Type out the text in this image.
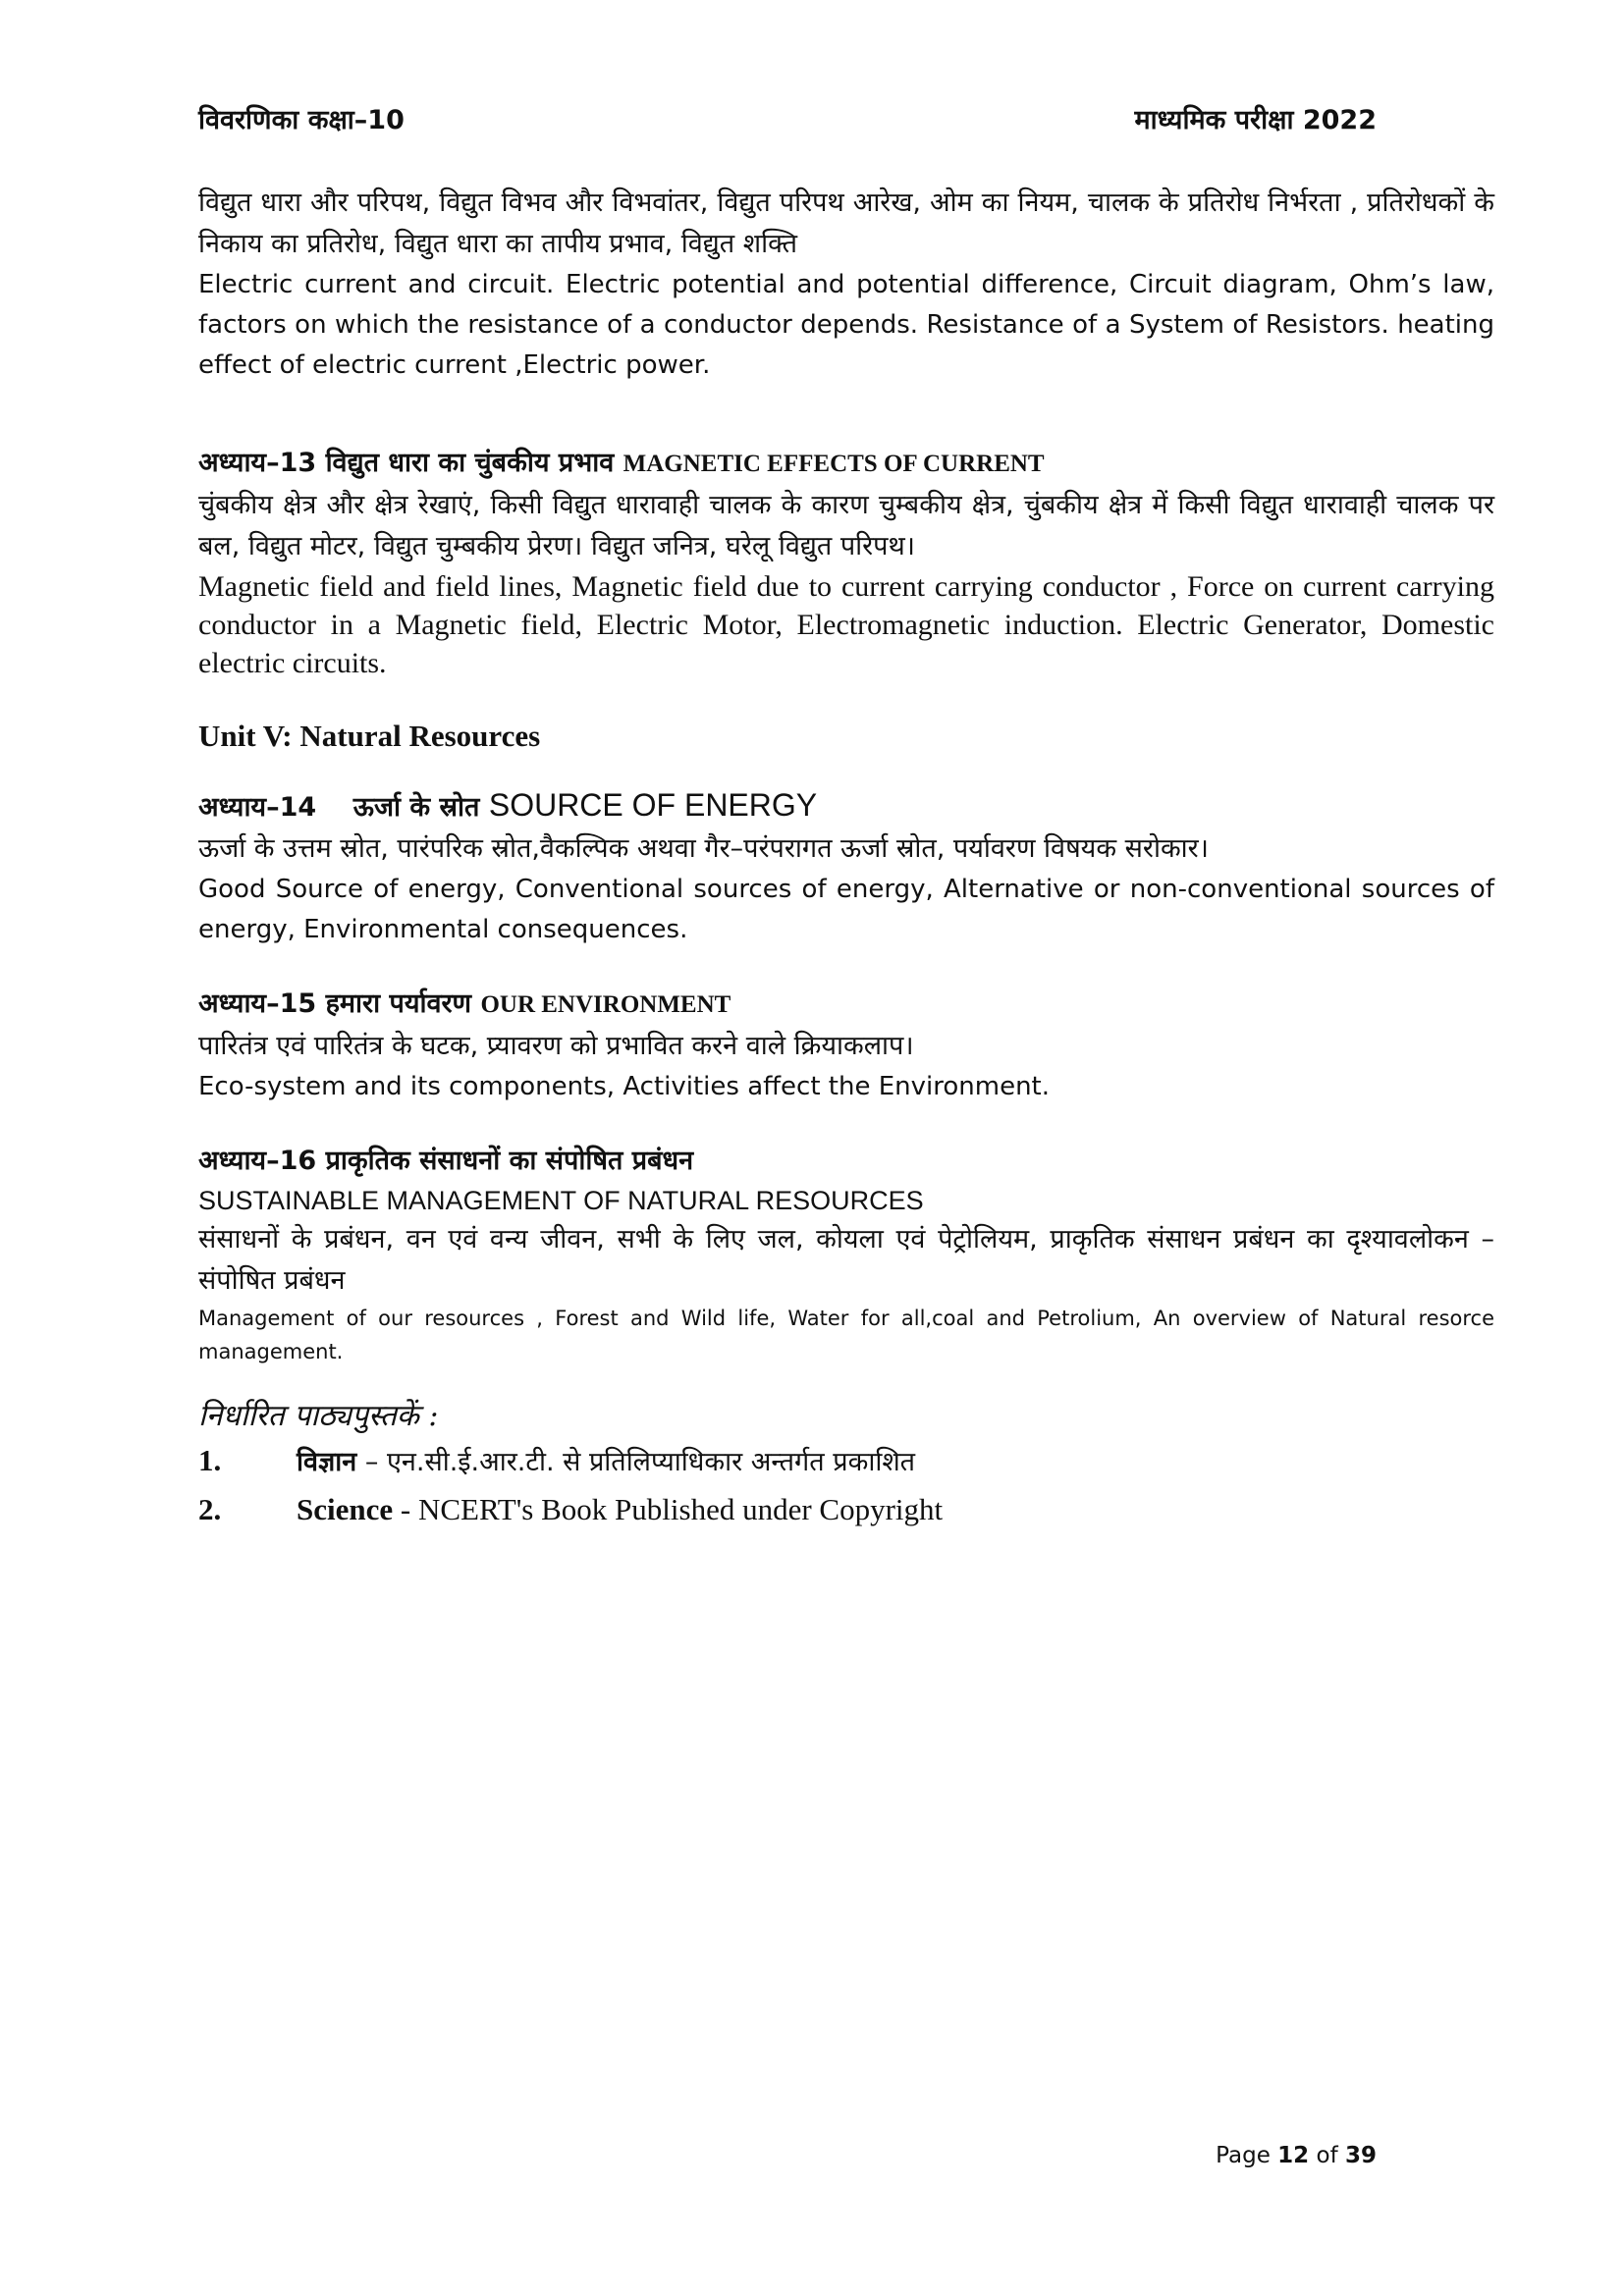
विवरणिका कक्षा–10	माध्यमिक परीक्षा 2022

विद्युत धारा और परिपथ, विद्युत विभव और विभवांतर, विद्युत परिपथ आरेख, ओम का नियम, चालक के प्रतिरोध निर्भरता , प्रतिरोधकों के निकाय का प्रतिरोध, विद्युत धारा का तापीय प्रभाव, विद्युत शक्ति

Electric current and circuit. Electric potential and potential difference, Circuit diagram, Ohm’s law, factors on which the resistance of a conductor depends. Resistance of a System of Resistors. heating effect of electric current ,Electric power.

अध्याय–13 विद्युत धारा का चुंबकीय प्रभाव MAGNETIC EFFECTS OF CURRENT

चुंबकीय क्षेत्र और क्षेत्र रेखाएं, किसी विद्युत धारावाही चालक के कारण चुम्बकीय क्षेत्र, चुंबकीय क्षेत्र में किसी विद्युत धारावाही चालक पर बल, विद्युत मोटर, विद्युत चुम्बकीय प्रेरण। विद्युत जनित्र, घरेलू विद्युत परिपथ।

Magnetic field and field lines, Magnetic field due to current carrying conductor , Force on current carrying conductor in a Magnetic field, Electric Motor, Electromagnetic induction. Electric Generator, Domestic electric circuits.

Unit V: Natural Resources

अध्याय–14    ऊर्जा के स्रोत SOURCE OF ENERGY

ऊर्जा के उत्तम स्रोत, पारंपरिक स्रोत,वैकल्पिक अथवा गैर–परंपरागत ऊर्जा स्रोत, पर्यावरण विषयक सरोकार।

Good Source of energy, Conventional sources of energy, Alternative or non-conventional sources of energy, Environmental consequences.

अध्याय–15 हमारा पर्यावरण OUR ENVIRONMENT

पारितंत्र एवं पारितंत्र के घटक, प्र्यावरण को प्रभावित करने वाले क्रियाकलाप।

Eco-system and its components, Activities affect the Environment.

अध्याय–16 प्राकृतिक संसाधनों का संपोषित प्रबंधन

SUSTAINABLE MANAGEMENT OF NATURAL RESOURCES

संसाधनों के प्रबंधन, वन एवं वन्य जीवन, सभी के लिए जल, कोयला एवं पेट्रोलियम, प्राकृतिक संसाधन प्रबंधन का दृश्यावलोकन – संपोषित प्रबंधन

Management of our resources , Forest and Wild life, Water for all,coal and Petrolium, An overview of Natural resorce management.

निर्धारित पाठ्यपुस्तकें :

1.	विज्ञान – एन.सी.ई.आर.टी. से प्रतिलिप्याधिकार अन्तर्गत प्रकाशित
2.	Science - NCERT's Book Published under Copyright
Page 12 of 39
